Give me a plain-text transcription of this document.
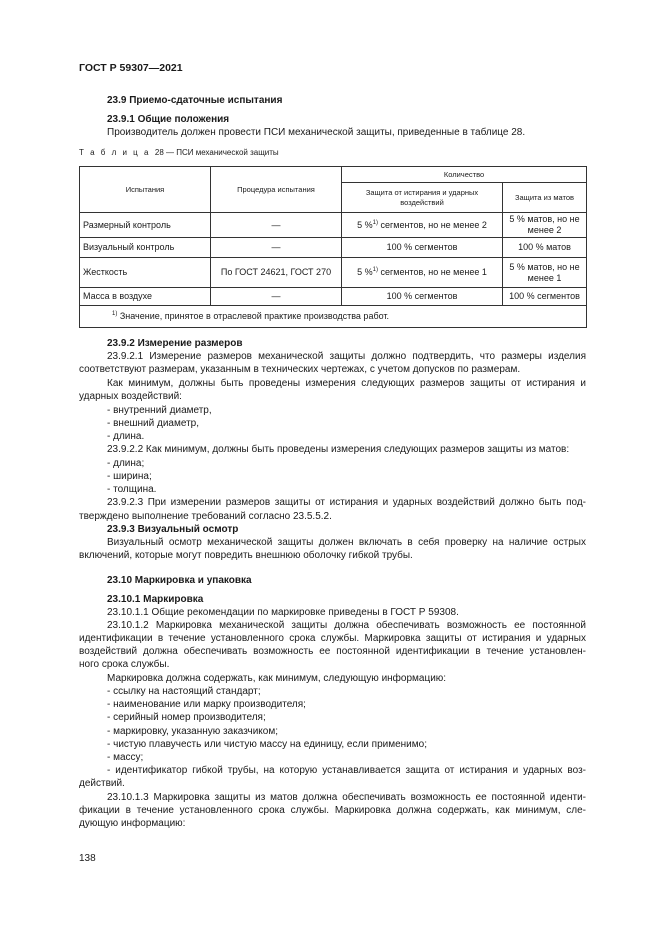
ГОСТ Р 59307—2021
23.9 Приемо-сдаточные испытания
23.9.1 Общие положения
Производитель должен провести ПСИ механической защиты, приведенные в таблице 28.
Т а б л и ц а 28 — ПСИ механической защиты
Испытания	Процедура испытания	Количество	
		Защита от истирания и ударных воздействий	Защита из матов
Размерный контроль	—	5 %$^{1)}$ сегментов, но не менее 2	5 % матов, но не менее 2
Визуальный контроль	—	100 % сегментов	100 % матов
Жесткость	По ГОСТ 24621, ГОСТ 270	5 %$^{1)}$ сегментов, но не менее 1	5 % матов, но не менее 1
Масса в воздухе	—	100 % сегментов	100 % сегментов
$^{1)}$ Значение, принятое в отраслевой практике производства работ.			
23.9.2 Измерение размеров
23.9.2.1 Измерение размеров механической защиты должно подтвердить, что размеры изделия
соответствуют размерам, указанным в технических чертежах, с учетом допусков по размерам.
Как минимум, должны быть проведены измерения следующих размеров защиты от истирания и
ударных воздействий:
- внутренний диаметр,
- внешний диаметр,
- длина.
23.9.2.2 Как минимум, должны быть проведены измерения следующих размеров защиты из матов:
- длина;
- ширина;
- толщина.
23.9.2.3 При измерении размеров защиты от истирания и ударных воздействий должно быть под-
тверждено выполнение требований согласно 23.5.5.2.
23.9.3 Визуальный осмотр
Визуальный осмотр механической защиты должен включать в себя проверку на наличие острых
включений, которые могут повредить внешнюю оболочку гибкой трубы.
23.10 Маркировка и упаковка
23.10.1 Маркировка
23.10.1.1 Общие рекомендации по маркировке приведены в ГОСТ Р 59308.
23.10.1.2 Маркировка механической защиты должна обеспечивать возможность ее постоянной
идентификации в течение установленного срока службы. Маркировка защиты от истирания и ударных
воздействий должна обеспечивать возможность ее постоянной идентификации в течение установлен-
ного срока службы.
Маркировка должна содержать, как минимум, следующую информацию:
- ссылку на настоящий стандарт;
- наименование или марку производителя;
- серийный номер производителя;
- маркировку, указанную заказчиком;
- чистую плавучесть или чистую массу на единицу, если применимо;
- массу;
- идентификатор гибкой трубы, на которую устанавливается защита от истирания и ударных воз-
действий.
23.10.1.3 Маркировка защиты из матов должна обеспечивать возможность ее постоянной иденти-
фикации в течение установленного срока службы. Маркировка должна содержать, как минимум, сле-
дующую информацию:
138
